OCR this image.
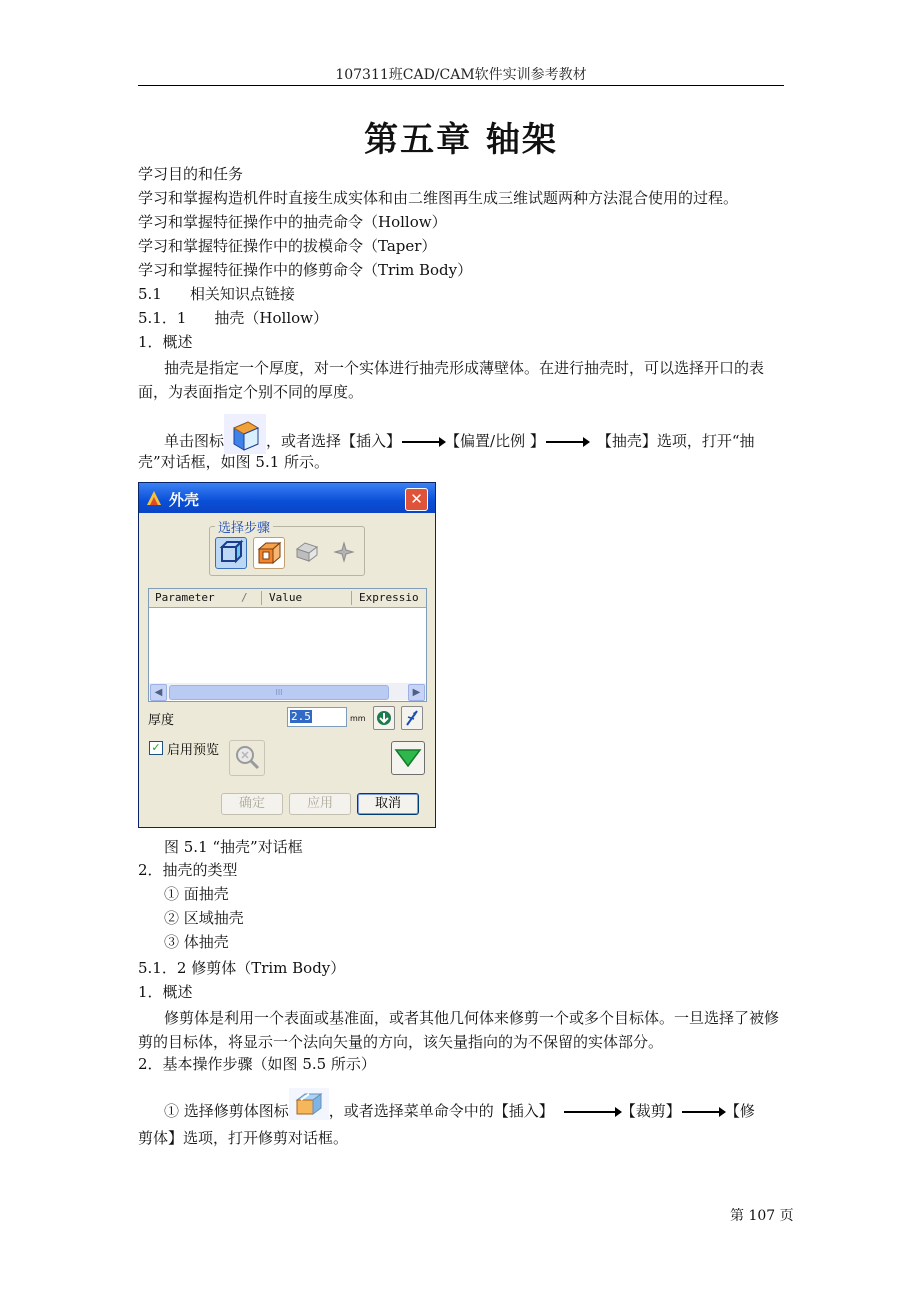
107311班CAD/CAM软件实训参考教材
第五章 轴架
学习目的和任务
学习和掌握构造机件时直接生成实体和由二维图再生成三维试题两种方法混合使用的过程。
学习和掌握特征操作中的抽壳命令（Hollow）
学习和掌握特征操作中的拔模命令（Taper）
学习和掌握特征操作中的修剪命令（Trim Body）
5.1 相关知识点链接
5.1．1 抽壳（Hollow）
1．概述
抽壳是指定一个厚度，对一个实体进行抽壳形成薄壁体。在进行抽壳时，可以选择开口的表面，为表面指定个别不同的厚度。
单击图标	，或者选择【插入】	【偏置/比例 】	【抽壳】选项，打开“抽
壳”对话框，如图 5.1 所示。
外壳	✕
选择步骤
Parameter /	Value	Expressio
◀	III	▶
厚度	2.5	mm
✓ 启用预览
确定	应用	取消
图 5.1 “抽壳”对话框
2．抽壳的类型
① 面抽壳
② 区域抽壳
③ 体抽壳
5.1．2 修剪体（Trim Body）
1．概述
修剪体是利用一个表面或基准面，或者其他几何体来修剪一个或多个目标体。一旦选择了被修剪的目标体，将显示一个法向矢量的方向，该矢量指向的为不保留的实体部分。
2．基本操作步骤（如图 5.5 所示）
① 选择修剪体图标	，或者选择菜单命令中的【插入】	【裁剪】	【修
剪体】选项，打开修剪对话框。
第 107 页
